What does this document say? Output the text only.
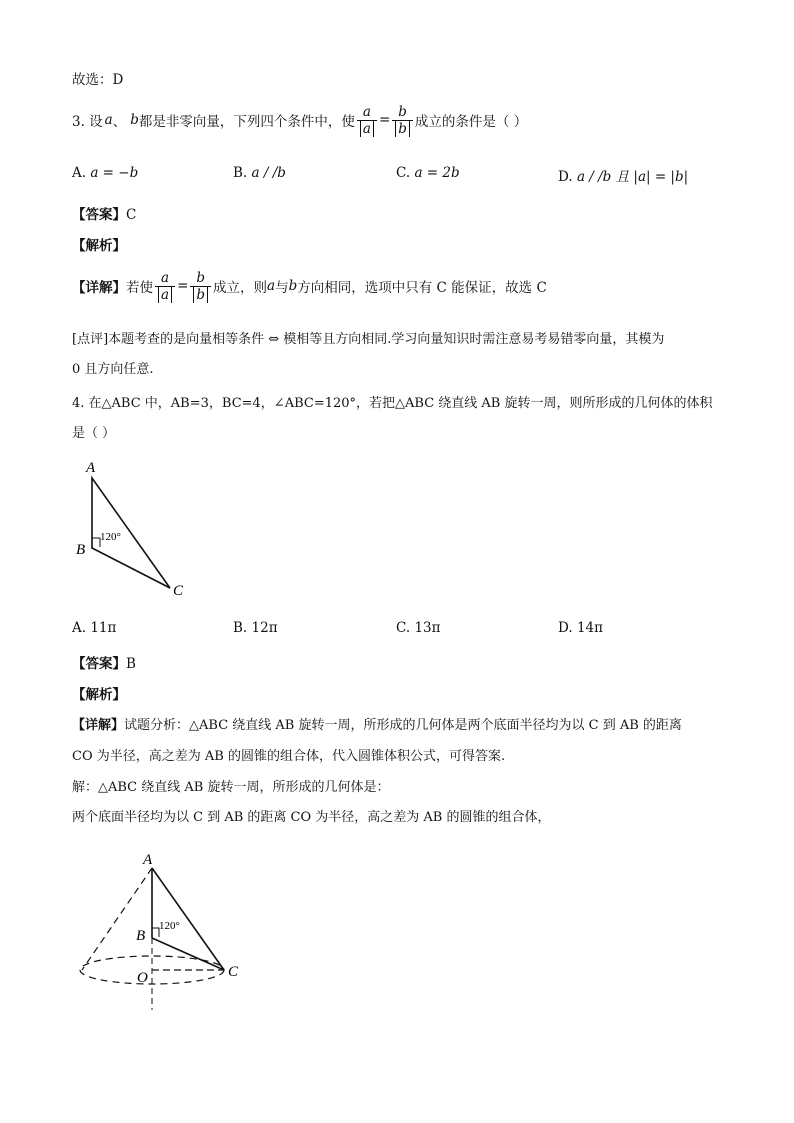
故选：D
3. 设 a 、 b 都是非零向量，下列四个条件中，使 $\frac{a}{a} = \frac{b}{b}$ 成立的条件是（ ）
A. a = −b	B. a / /b	C. a = 2b	D. a / /b 且 |a| = |b|
【答案】C
【解析】
【详解】 若使 $\frac{a}{a} = \frac{b}{b}$ 成立，则 a 与 b 方向相同，选项中只有 C 能保证，故选 C
[点评]本题考查的是向量相等条件 ⇔ 模相等且方向相同.学习向量知识时需注意易考易错零向量，其模为
0 且方向任意.
4. 在△ABC 中，AB=3，BC=4，∠ABC=120°，若把△ABC 绕直线 AB 旋转一周，则所形成的几何体的体积
是（ ）
A
B
C
120°
A. 11π	B. 12π	C. 13π	D. 14π
【答案】B
【解析】
【详解】试题分析：△ABC 绕直线 AB 旋转一周，所形成的几何体是两个底面半径均为以 C 到 AB 的距离
CO 为半径，高之差为 AB 的圆锥的组合体，代入圆锥体积公式，可得答案.
解：△ABC 绕直线 AB 旋转一周，所形成的几何体是：
两个底面半径均为以 C 到 AB 的距离 CO 为半径，高之差为 AB 的圆锥的组合体，
A
B
C
O
120°
